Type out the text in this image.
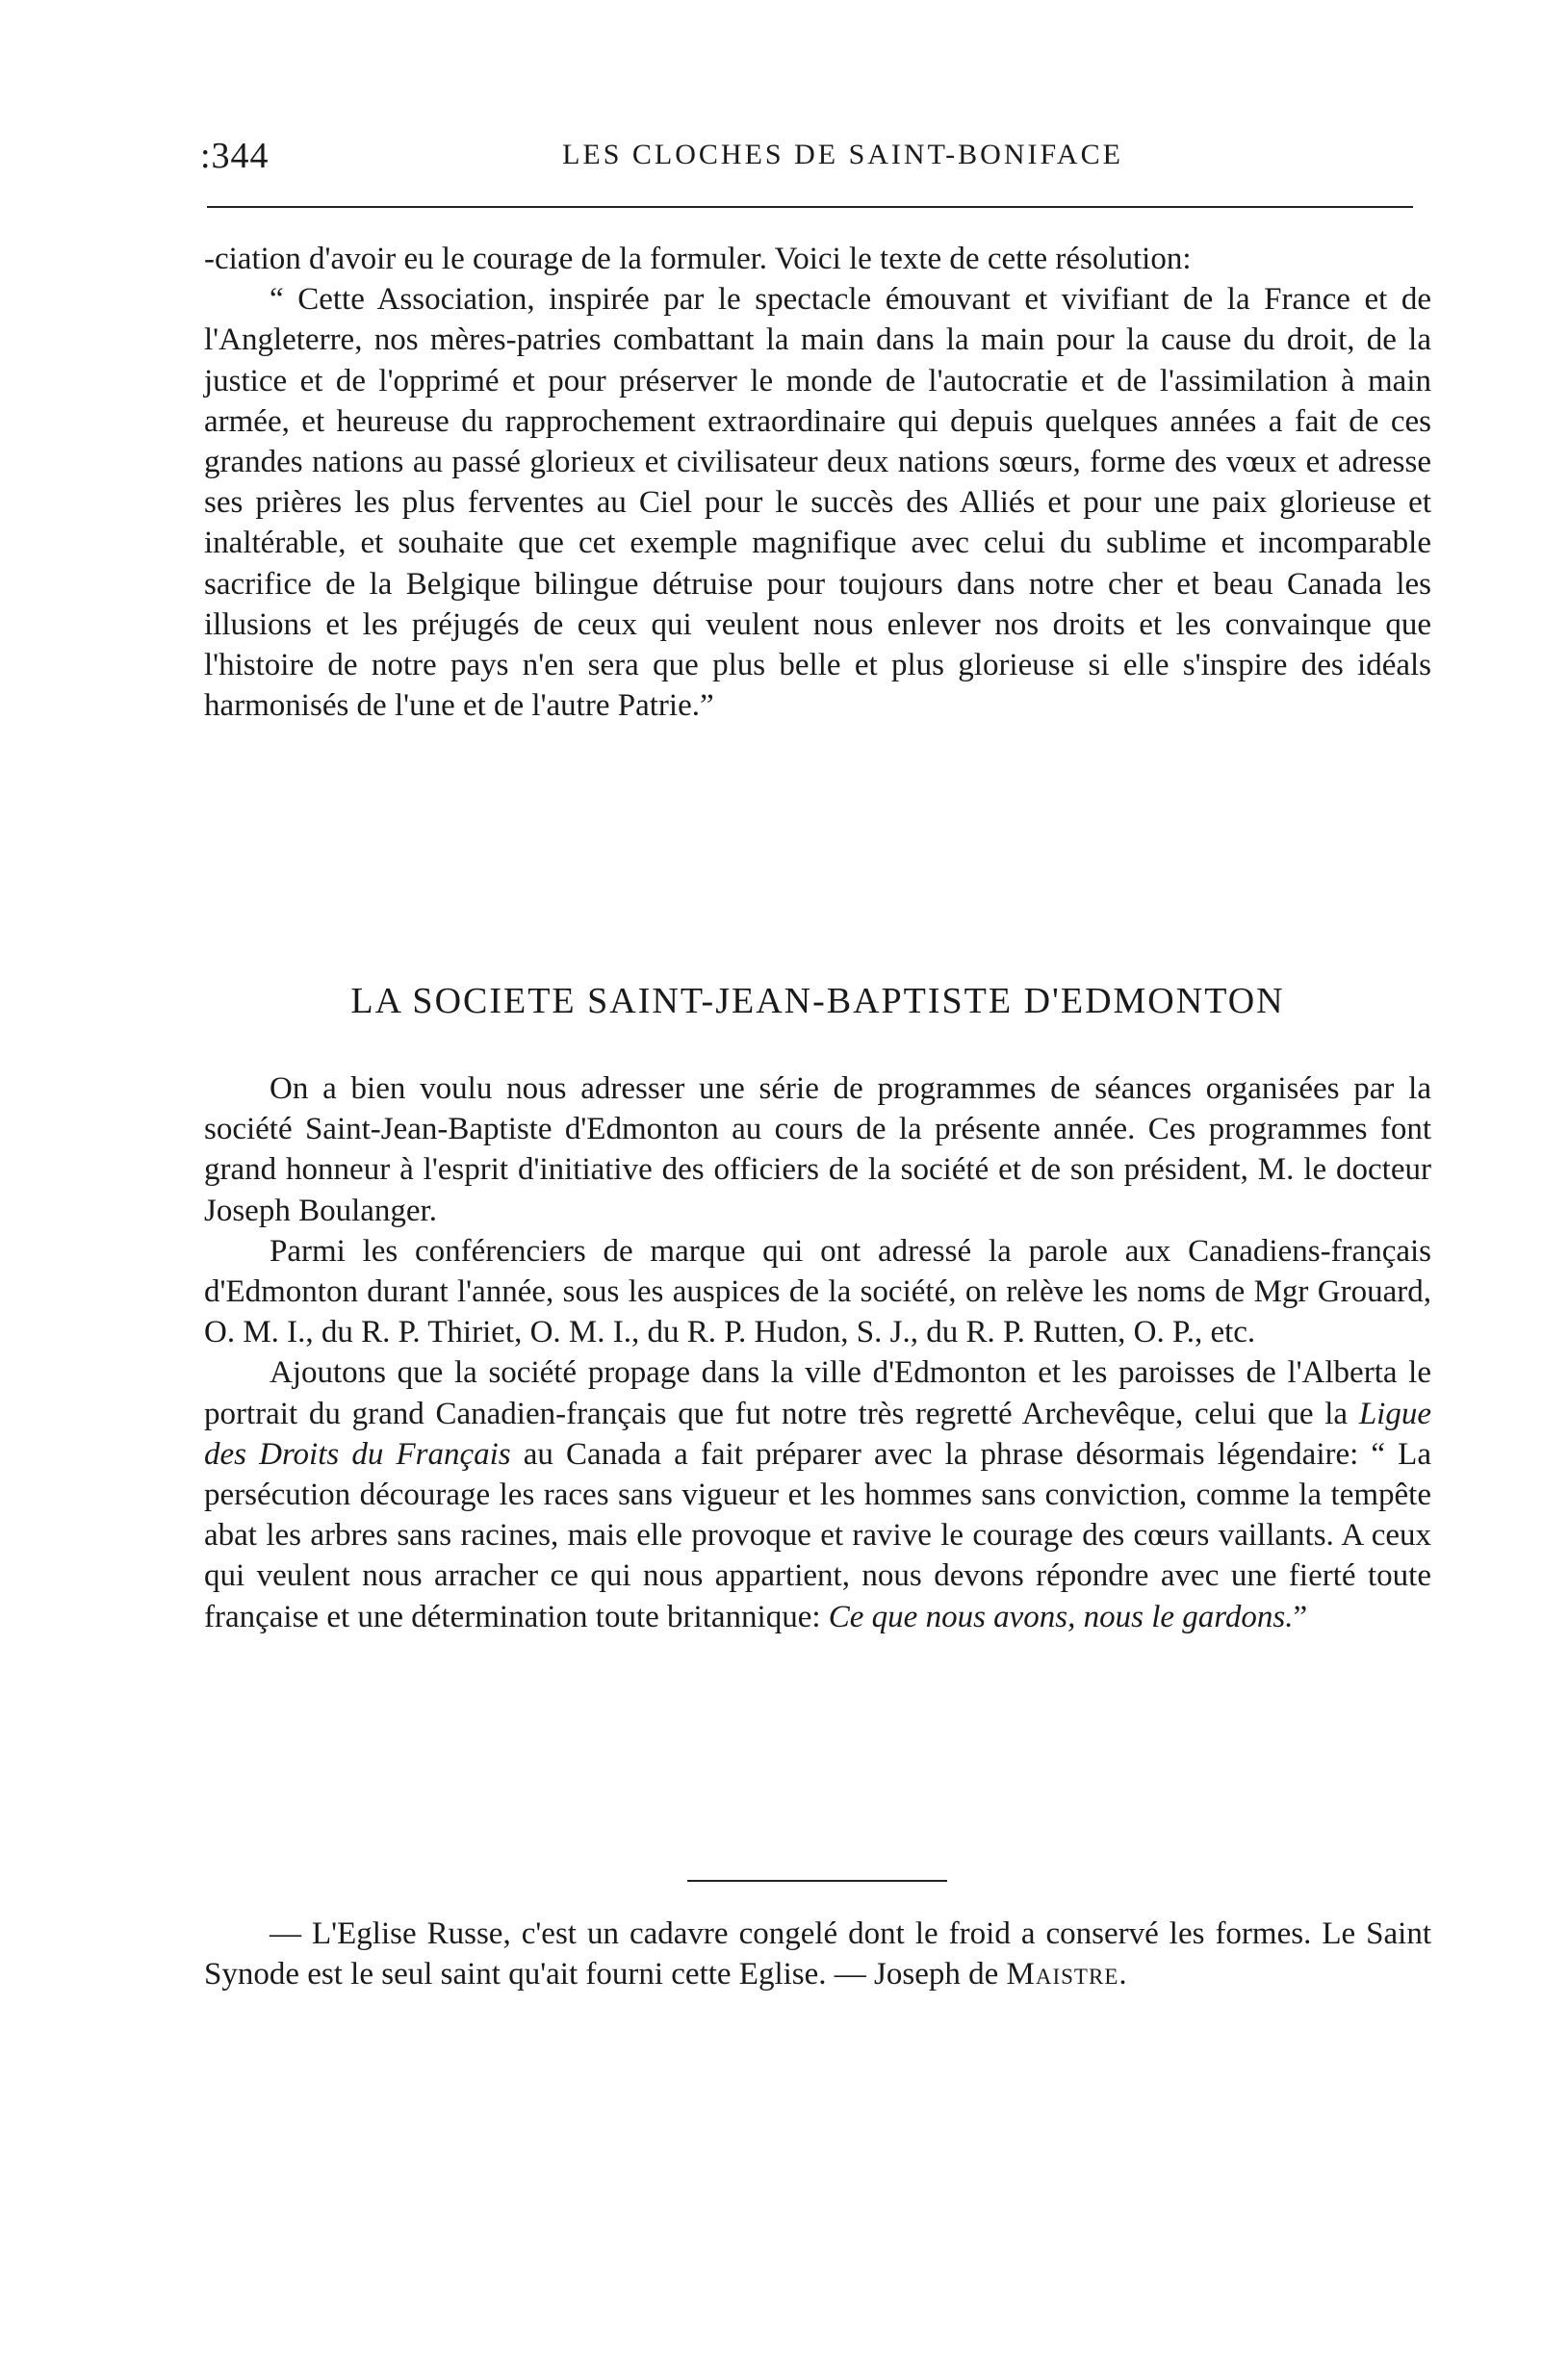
:344	LES CLOCHES DE SAINT-BONIFACE

-ciation d'avoir eu le courage de la formuler. Voici le texte de cette résolution:

“ Cette Association, inspirée par le spectacle émouvant et vivifiant de la France et de l'Angleterre, nos mères-patries combattant la main dans la main pour la cause du droit, de la justice et de l'opprimé et pour préserver le monde de l'autocratie et de l'assimilation à main armée, et heureuse du rapprochement extraordinaire qui depuis quelques années a fait de ces grandes nations au passé glorieux et civilisateur deux nations sœurs, forme des vœux et adresse ses prières les plus ferventes au Ciel pour le succès des Alliés et pour une paix glorieuse et inaltérable, et souhaite que cet exemple magnifique avec celui du sublime et incomparable sacrifice de la Belgique bilingue détruise pour toujours dans notre cher et beau Canada les illusions et les préjugés de ceux qui veulent nous enlever nos droits et les convainque que l'histoire de notre pays n'en sera que plus belle et plus glorieuse si elle s'inspire des idéals harmonisés de l'une et de l'autre Patrie.”

LA SOCIETE SAINT-JEAN-BAPTISTE D'EDMONTON

On a bien voulu nous adresser une série de programmes de séances organisées par la société Saint-Jean-Baptiste d'Edmonton au cours de la présente année. Ces programmes font grand honneur à l'esprit d'initiative des officiers de la société et de son président, M. le docteur Joseph Boulanger.

Parmi les conférenciers de marque qui ont adressé la parole aux Canadiens-français d'Edmonton durant l'année, sous les auspices de la société, on relève les noms de Mgr Grouard, O. M. I., du R. P. Thiriet, O. M. I., du R. P. Hudon, S. J., du R. P. Rutten, O. P., etc.

Ajoutons que la société propage dans la ville d'Edmonton et les paroisses de l'Alberta le portrait du grand Canadien-français que fut notre très regretté Archevêque, celui que la Ligue des Droits du Français au Canada a fait préparer avec la phrase désormais légendaire: “ La persécution décourage les races sans vigueur et les hommes sans conviction, comme la tempête abat les arbres sans racines, mais elle provoque et ravive le courage des cœurs vaillants. A ceux qui veulent nous arracher ce qui nous appartient, nous devons répondre avec une fierté toute française et une détermination toute britannique: Ce que nous avons, nous le gardons.”

— L'Eglise Russe, c'est un cadavre congelé dont le froid a conservé les formes. Le Saint Synode est le seul saint qu'ait fourni cette Eglise. — Joseph de Maistre.
